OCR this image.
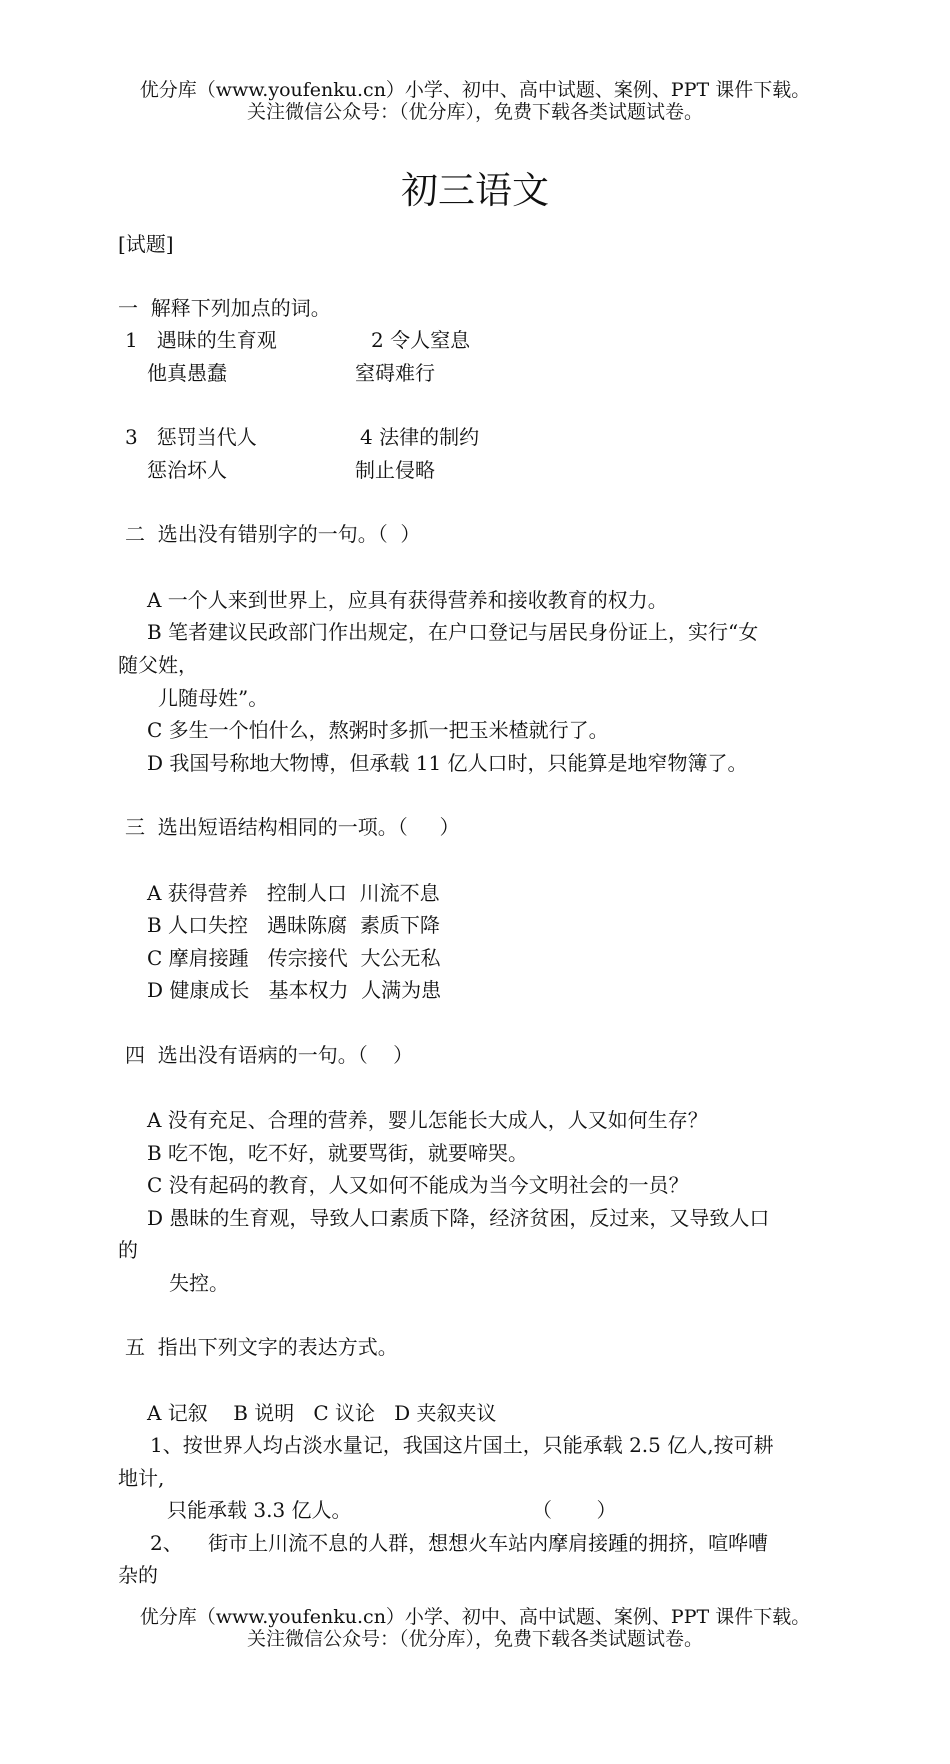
优分库（www.youfenku.cn）小学、初中、高中试题、案例、PPT 课件下载。
关注微信公众号：（优分库），免费下载各类试题试卷。
初三语文
[试题]
一  解释下列加点的词。
1   遇昧的生育观	2 令人窒息
他真愚蠢	窒碍难行
3   惩罚当代人	4 法律的制约
惩治坏人	制止侵略
二  选出没有错别字的一句。（  ）
A 一个人来到世界上，应具有获得营养和接收教育的权力。
B 笔者建议民政部门作出规定，在户口登记与居民身份证上，实行“女
随父姓，
儿随母姓”。
C 多生一个怕什么，熬粥时多抓一把玉米楂就行了。
D 我国号称地大物博，但承载 11 亿人口时，只能算是地窄物簿了。
三  选出短语结构相同的一项。（     ）
A 获得营养   控制人口  川流不息
B 人口失控   遇昧陈腐  素质下降
C 摩肩接踵   传宗接代  大公无私
D 健康成长   基本权力  人满为患
四  选出没有语病的一句。（    ）
A 没有充足、合理的营养，婴儿怎能长大成人，人又如何生存？
B 吃不饱，吃不好，就要骂街，就要啼哭。
C 没有起码的教育，人又如何不能成为当今文明社会的一员？
D 愚昧的生育观，导致人口素质下降，经济贫困，反过来，又导致人口
的
失控。
五  指出下列文字的表达方式。
A 记叙    B 说明   C 议论   D 夹叙夹议
1、按世界人均占淡水量记，我国这片国土，只能承载 2.5 亿人,按可耕
地计,
只能承载 3.3 亿人。	（       ）
2、    街市上川流不息的人群，想想火车站内摩肩接踵的拥挤，喧哗嘈
杂的
优分库（www.youfenku.cn）小学、初中、高中试题、案例、PPT 课件下载。
关注微信公众号：（优分库），免费下载各类试题试卷。
